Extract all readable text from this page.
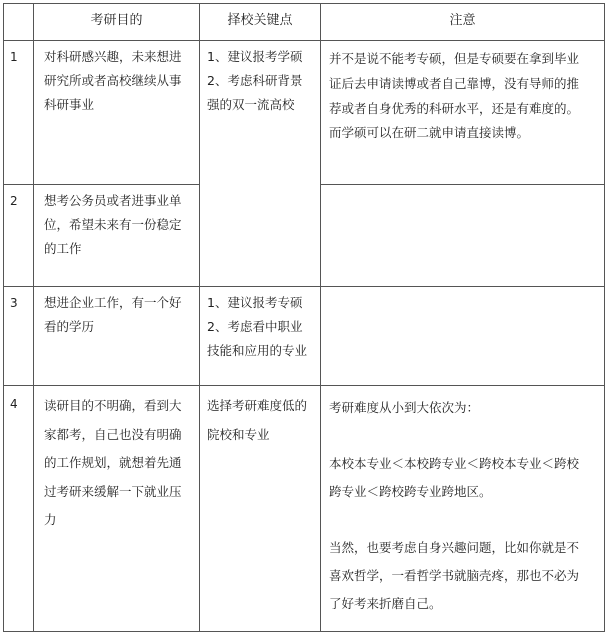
考研目的	择校关键点	注意
1 对科研感兴趣，未来想进
研究所或者高校继续从事
科研事业
1、建议报考学硕
2、考虑科研背景
强的双一流高校
并不是说不能考专硕，但是专硕要在拿到毕业
证后去申请读博或者自己靠博，没有导师的推
荐或者自身优秀的科研水平，还是有难度的。
而学硕可以在研二就申请直接读博。
2 想考公务员或者进事业单
位，希望未来有一份稳定
的工作
3 想进企业工作，有一个好
看的学历
1、建议报考专硕
2、考虑看中职业
技能和应用的专业
4 读研目的不明确，看到大
家都考，自己也没有明确
的工作规划，就想着先通
过考研来缓解一下就业压
力
选择考研难度低的
院校和专业
考研难度从小到大依次为：
本校本专业＜本校跨专业＜跨校本专业＜跨校
跨专业＜跨校跨专业跨地区。
当然，也要考虑自身兴趣问题，比如你就是不
喜欢哲学，一看哲学书就脑壳疼，那也不必为
了好考来折磨自己。
